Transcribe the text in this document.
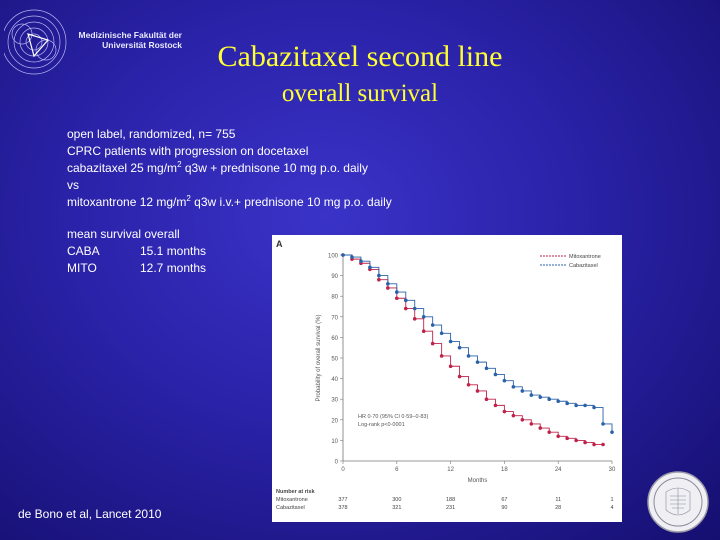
Medizinische Fakultät der
Universität Rostock	Cabazitaxel second line
overall survival
open label, randomized, n= 755
CPRC patients with progression on docetaxel
cabazitaxel 25 $mg/m^2$ q3w + prednisone 10 mg p.o. daily
vs
mitoxantrone 12 $mg/m^2$ q3w i.v.+ prednisone 10 mg p.o. daily
mean survival overall
CABA	15.1 months
MITO	12.7 months
A
0
10
20
30
40
50
60
70
80
90
100
0	6	12	18	24	30
Months
Probability of overall survival (%)
Mitoxantrone
Cabazitaxel
HR 0·70 (95% CI 0·59–0·83)
Log-rank p<0·0001
Number at risk
Mitoxantrone	377	300	188	67	11	1
Cabazitaxel	378	321	231	90	28	4
de Bono et al, Lancet 2010
